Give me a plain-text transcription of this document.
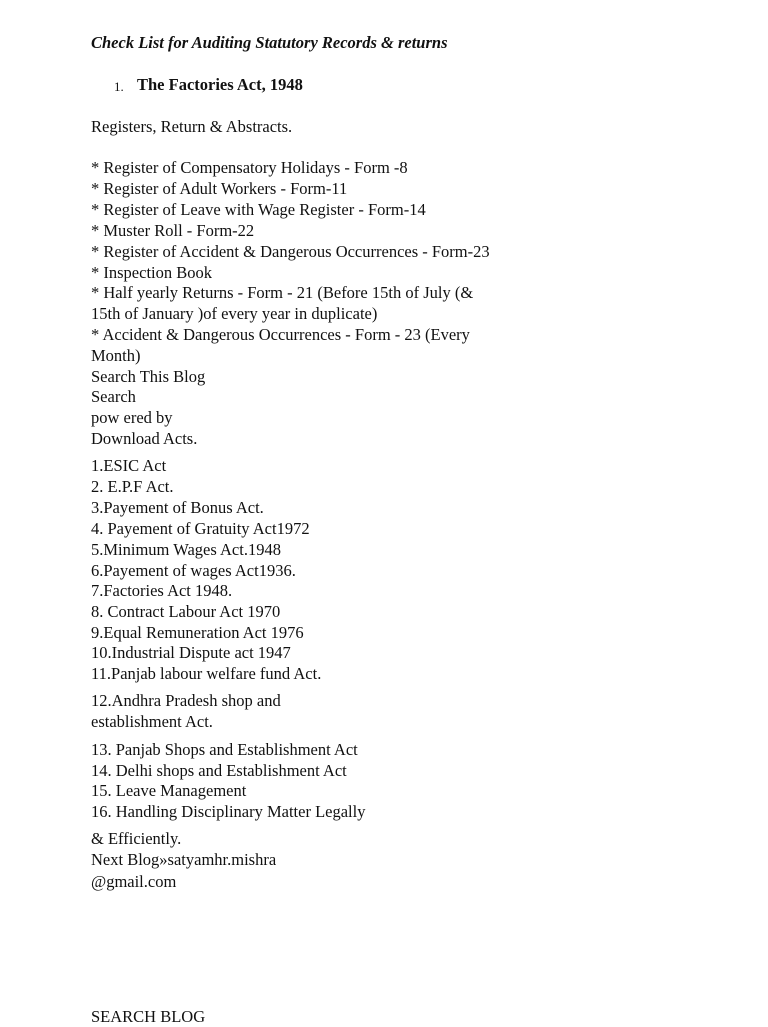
Check List for Auditing Statutory Records & returns

1. The Factories Act, 1948

Registers, Return & Abstracts.

* Register of Compensatory Holidays - Form -8

* Register of Adult Workers - Form-11

* Register of Leave with Wage Register - Form-14

* Muster Roll - Form-22

* Register of Accident & Dangerous Occurrences - Form-23

* Inspection Book

* Half yearly Returns - Form - 21 (Before 15th of July (&

15th of January )of every year in duplicate)

* Accident & Dangerous Occurrences - Form - 23 (Every

Month)

Search This Blog

Search

pow ered by

Download Acts.

1.ESIC Act

2. E.P.F Act.

3.Payement of Bonus Act.

4. Payement of Gratuity Act1972

5.Minimum Wages Act.1948

6.Payement of wages Act1936.

7.Factories Act 1948.

8. Contract Labour Act 1970

9.Equal Remuneration Act 1976

10.Industrial Dispute act 1947

11.Panjab labour welfare fund Act.

12.Andhra Pradesh shop and

establishment Act.

13. Panjab Shops and Establishment Act

14. Delhi shops and Establishment Act

15. Leave Management

16. Handling Disciplinary Matter Legally

& Efficiently.

Next Blog»satyamhr.mishra

@gmail.com

SEARCH BLOG
